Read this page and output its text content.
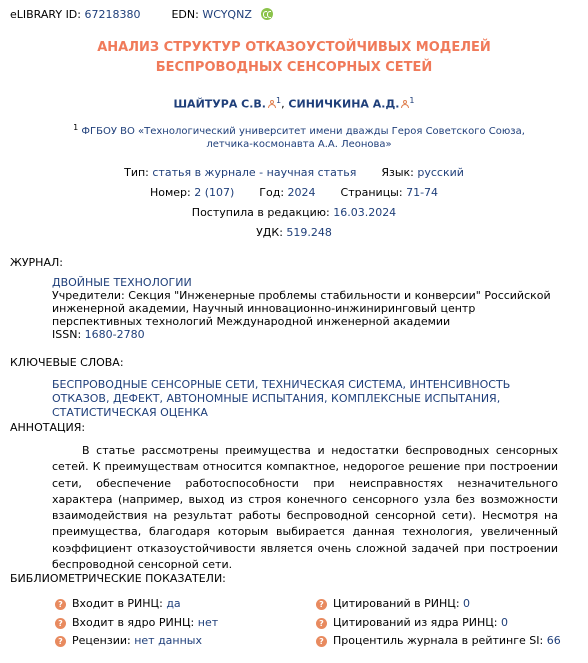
eLIBRARY ID: 67218380	EDN: WCYQNZ
АНАЛИЗ СТРУКТУР ОТКАЗОУСТОЙЧИВЫХ МОДЕЛЕЙ БЕСПРОВОДНЫХ СЕНСОРНЫХ СЕТЕЙ
ШАЙТУРА С.В. $^1$, СИНИЧКИНА А.Д. $^1$
$^1$ ФГБОУ ВО «Технологический университет имени дважды Героя Советского Союза, летчика-космонавта А.А. Леонова»
Тип: статья в журнале - научная статья Язык: русский
Номер: 2 (107) Год: 2024 Страницы: 71-74
Поступила в редакцию: 16.03.2024
УДК: 519.248
ЖУРНАЛ:
ДВОЙНЫЕ ТЕХНОЛОГИИ
Учредители: Секция "Инженерные проблемы стабильности и конверсии" Российской инженерной академии, Научный инновационно-инжиниринговый центр перспективных технологий Международной инженерной академии
ISSN: 1680-2780
КЛЮЧЕВЫЕ СЛОВА:
БЕСПРОВОДНЫЕ СЕНСОРНЫЕ СЕТИ, ТЕХНИЧЕСКАЯ СИСТЕМА, ИНТЕНСИВНОСТЬ ОТКАЗОВ, ДЕФЕКТ, АВТОНОМНЫЕ ИСПЫТАНИЯ, КОМПЛЕКСНЫЕ ИСПЫТАНИЯ, СТАТИСТИЧЕСКАЯ ОЦЕНКА
АННОТАЦИЯ:
В статье рассмотрены преимущества и недостатки беспроводных сенсорных сетей. К преимуществам относится компактное, недорогое решение при построении сети, обеспечение работоспособности при неисправностях незначительного характера (например, выход из строя конечного сенсорного узла без возможности взаимодействия на результат работы беспроводной сенсорной сети). Несмотря на преимущества, благодаря которым выбирается данная технология, увеличенный коэффициент отказоустойчивости является очень сложной задачей при построении беспроводной сенсорной сети.
БИБЛИОМЕТРИЧЕСКИЕ ПОКАЗАТЕЛИ:
? Входит в РИНЦ: да
? Входит в ядро РИНЦ: нет
? Рецензии: нет данных
? Цитирований в РИНЦ: 0
? Цитирований из ядра РИНЦ: 0
? Процентиль журнала в рейтинге SI: 66
